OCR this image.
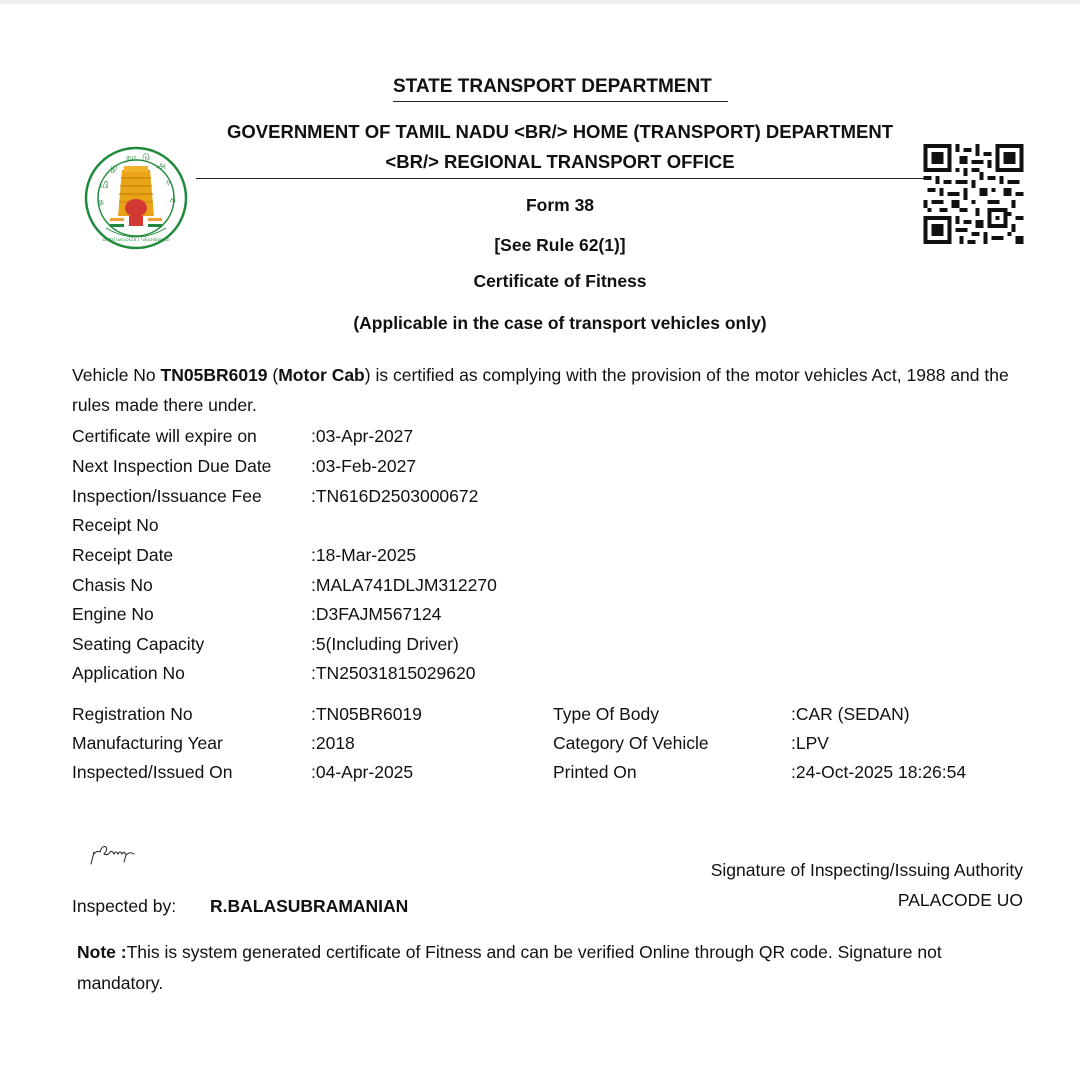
த
மி
ழ
நா டு
அ
ர
சு
வாய்மையே வெல்லும்
STATE TRANSPORT DEPARTMENT
GOVERNMENT OF TAMIL NADU <BR/> HOME (TRANSPORT) DEPARTMENT
<BR/> REGIONAL TRANSPORT OFFICE
Form 38
[See Rule 62(1)]
Certificate of Fitness
(Applicable in the case of transport vehicles only)
Vehicle No TN05BR6019 (Motor Cab) is certified as complying with the provision of the motor vehicles Act, 1988 and the rules made there under.
Certificate will expire on	:03-Apr-2027
Next Inspection Due Date :03-Feb-2027
Inspection/Issuance Fee	:TN616D2503000672
Receipt No
Receipt Date	:18-Mar-2025
Chasis No	:MALA741DLJM312270
Engine No	:D3FAJM567124
Seating Capacity	:5(Including Driver)
Application No	:TN25031815029620
Registration No	:TN05BR6019	Type Of Body	:CAR (SEDAN)
Manufacturing Year	:2018	Category Of Vehicle	:LPV
Inspected/Issued On	:04-Apr-2025	Printed On	:24-Oct-2025 18:26:54
Inspected by: R.BALASUBRAMANIAN
Signature of Inspecting/Issuing Authority
PALACODE UO
Note :This is system generated certificate of Fitness and can be verified Online through QR code. Signature not mandatory.
